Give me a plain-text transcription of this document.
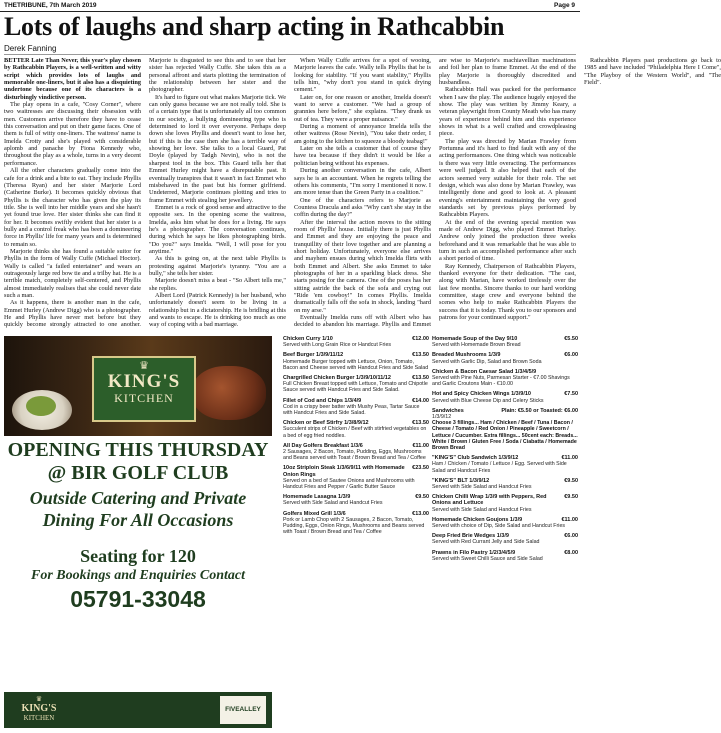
THETRIBUNE, 7th March 2019	Page 9
Lots of laughs and sharp acting in Rathcabbin
Derek Fanning

BETTER Late Than Never, this year's play chosen by Rathcabbin Players, is a well-written and witty script which provides lots of laughs and memorable one-liners, but it also has a disquieting undertone because one of its characters is a disturbingly vindictive person.

The play opens in a cafe, "Cosy Corner", where two waitresses are discussing their obsession with men. Customers arrive therefore they have to cease this conversation and put on their game faces. One of them is full of witty one-liners. The waitress' name is Imelda Crotty and she's played with considerable aplomb and panache by Fiona Kennedy who, throughout the play as a whole, turns in a very decent performance.

All the other characters gradually come into the cafe for a drink and a bite to eat. They include Phyllis (Theresa Ryan) and her sister Marjorie Lord (Catherine Burke). It becomes quickly obvious that Phyllis is the character who has given the play its title. She is well into her middle years and she hasn't yet found true love. Her sister thinks she can find it for her. It becomes swiftly evident that her sister is a bully and a control freak who has been a domineering force in Phyllis' life for many years and is determined to remain so.

Marjorie thinks she has found a suitable suitor for Phyllis in the form of Wally Cuffe (Michael Hoctor). Wally is called "a failed entertainer" and wears an outrageously large red bow tie and a trilby hat. He is a terrible match, completely self-centered, and Phyllis almost immediately realises that she could never date such a man.

As it happens, there is another man in the cafe, Emmet Hurley (Andrew Digg) who is a photographer. He and Phyllis have never met before but they quickly become strongly attracted to one another. Marjorie is disgusted to see this and to see that her sister has rejected Wally Cuffe. She takes this as a personal affront and starts plotting the termination of the relationship between her sister and the photographer.

It's hard to figure out what makes Marjorie tick. We can only guess because we are not really told. She is of a certain type that is unfortunately all too common in our society, a bullying domineering type who is determined to lord it over everyone. Perhaps deep down she loves Phyllis and doesn't want to lose her, but if this is the case then she has a terrible way of showing her love. She talks to a local Guard, Pat Doyle (played by Tadgh Nevin), who is not the sharpest tool in the box. This Guard tells her that Emmet Hurley might have a disreputable past. It eventually transpires that it wasn't in fact Emmet who misbehaved in the past but his former girlfriend. Undeterred, Marjorie continues plotting and tries to frame Emmet with stealing her jewellery.

Emmet is a rock of good sense and attractive to the opposite sex. In the opening scene the waitress, Imelda, asks him what he does for a living. He says he's a photographer. The conversation continues, during which he says he likes photographing birds. "Do you?" says Imelda. "Well, I will pose for you anytime."

As this is going on, at the next table Phyllis is protesting against Marjorie's tyranny. "You are a bully," she tells her sister.

Marjorie doesn't miss a beat - "So Albert tells me," she replies.

Albert Lord (Patrick Kennedy) is her husband, who unfortunately doesn't seem to be living in a relationship but in a dictatorship. He is bridling at this and wants to escape. He is drinking too much as one way of coping with a bad marriage.

When Wally Cuffe arrives for a spot of wooing, Marjorie leaves the cafe. Wally tells Phyllis that he is looking for stability. "If you want stability," Phyllis tells him, "why don't you stand in quick drying cement."

Later on, for one reason or another, Imelda doesn't want to serve a customer. "We had a group of grannies here before," she explains. "They drank us out of tea. They were a proper nuisance."

During a moment of annoyance Imelda tells the other waitress (Rose Nevin), "You take their order, I am going to the kitchen to squeeze a bloody teabag!"

Later on she tells a customer that of course they have tea because if they didn't it would be like a politician being without his expenses.

During another conversation in the cafe, Albert says he is an accountant. When he regrets telling the others his comments, "I'm sorry I mentioned it now. I am more tense than the Green Party in a coalition."

One of the characters refers to Marjorie as Countess Dracula and asks "Why can't she stay in the coffin during the day?"

After the interval the action moves to the sitting room of Phyllis' house. Initially there is just Phyllis and Emmet and they are enjoying the peace and tranquillity of their love together and are planning a short holiday. Unfortunately, everyone else arrives and mayhem ensues during which Imelda flirts with both Emmet and Albert. She asks Emmet to take photographs of her in a sparkling black dress. She starts posing for the camera. One of the poses has her sitting astride the back of the sofa and crying out "Ride 'em cowboy!" In comes Phyllis. Imelda dramatically falls off the sofa in shock, landing "hard on my arse."

Eventually Imelda runs off with Albert who has decided to abandon his marriage. Phyllis and Emmet are wise to Marjorie's machiavellian machinations and foil her plan to frame Emmet. At the end of the play Marjorie is thoroughly discredited and husbandless.

Rathcabbin Hall was packed for the performance when I saw the play. The audience hugely enjoyed the show. The play was written by Jimmy Keary, a veteran playwright from County Meath who has many years of experience behind him and this experience shows in what is a well crafted and crowdpleasing piece.

The play was directed by Marian Frawley from Portumna and it's hard to find fault with any of the acting performances. One thing which was noticeable is there was very little overacting. The performances were well judged. It also helped that each of the actors seemed very suitable for their role. The set design, which was also done by Marian Frawley, was intelligently done and good to look at. A pleasant evening's entertainment maintaining the very good standards set by previous plays performed by Rathcabbin Players.

At the end of the evening special mention was made of Andrew Digg, who played Emmet Hurley. Andrew only joined the production three weeks beforehand and it was remarkable that he was able to turn in such an accomplished performance after such a short period of time.

Ray Kennedy, Chairperson of Rathcabbin Players, thanked everyone for their dedication. "The cast, along with Marian, have worked tirelessly over the last few months. Sincere thanks to our hard working committee, stage crew and everyone behind the scenes who help to make Rathcabbin Players the success that it is today. Thank you to our sponsors and patrons for your continued support."

Rathcabbin Players past productions go back to 1985 and have included "Philadelphia Here I Come", "The Playboy of the Western World", and "The Field".

♛
KING'S
KITCHEN
OPENING THIS THURSDAY
@ BIR GOLF CLUB
Outside Catering and Private
Dining For All Occasions
Seating for 120
For Bookings and Enquiries Contact
05791-33048
♛
KING'S
KITCHEN
FIVEALLEY
Chicken Curry 1/10	€12.00
Served with Long Grain Rice or Handcut Fries
Beef Burger 1/3/9/11/12	€13.50
Homemade Burger topped with Lettuce, Onion, Tomato, Bacon and Cheese served with Handcut Fries and Side Salad
Chargrilled Chicken Burger 1/3/9/10/11/12	€13.50
Full Chicken Breast topped with Lettuce, Tomato and Chipotle Sauce served with Handcut Fries and Side Salad.
Fillet of Cod and Chips 1/3/4/9	€14.00
Cod in a crispy beer batter with Mushy Peas, Tartar Sauce with Handcut Fries and Side Salad.
Chicken or Beef Stirfry 1/3/8/9/12	€13.50
Succulent strips of Chicken / Beef with stirfried vegetables on a bed of egg fried noddles.
All Day Golfers Breakfast 1/3/6	€11.00
2 Sausages, 2 Bacon, Tomato, Pudding, Eggs, Mushrooms and Beans served with Toast / Brown Bread and Tea / Coffee
10oz Striploin Steak 1/3/6/9/11 with Homemade Onion Rings
€23.50
Served on a bed of Sautee Onions and Mushrooms with Handcut Fries and Pepper / Garlic Butter Sauce
Homemade Lasagna 1/3/9	€9.50
Served with Side Salad and Handcut Fries
Golfers Mixed Grill 1/3/6	€13.00
Pork or Lamb Chop with 2 Sausages, 2 Bacon, Tomato, Pudding, Eggs, Onion Rings, Mushrooms and Beans served with Toast / Brown Bread and Tea / Coffee
Homemade Soup of the Day 9/10	€5.50
Served with Homemade Brown Bread
Breaded Mushrooms 1/3/9	€6.00
Served with Garlic Dip, Salad and Brown Soda
Chicken & Bacon Caesar Salad 1/3/4/5/9
Served with Pine Nuts, Parmesan Starter - €7.00 Shavings and Garlic Croutons Main - €10.00
Hot and Spicy Chicken Wings 1/3/9/10	€7.50
Served with Blue Cheese Dip and Celery Sticks
Sandwiches	Plain: €5.50 or Toasted: €6.00
1/3/9/12
Choose 3 fillings... Ham / Chicken / Beef / Tuna / Bacon / Cheese / Tomato / Red Onion / Pineapple / Sweetcorn / Lettuce / Cucumber. Extra fillings... 50cent each: Breads... White / Brown / Gluten Free / Soda / Ciabatta / Homemade Brown Bread
"KING'S" Club Sandwich 1/3/9/12	€11.00
Ham / Chicken / Tomato / Lettuce / Egg. Served with Side Salad and Handcut Fries
"KING'S" BLT 1/3/9/12	€9.50
Served with Side Salad and Handcut Fries
Chicken Chilli Wrap 1/3/9 with Peppers, Red Onions and Lettuce
€9.50
Served with Side Salad and Handcut Fries
Homemade Chicken Goujons 1/3/9	€11.00
Served with choice of Dip, Side Salad and Handcut Fries
Deep Fried Brie Wedges 1/3/9	€6.00
Served with Red Currant Jelly and Side Salad
Prawns in Filo Pastry 1/2/3/4/5/9	€8.00
Served with Sweet Chilli Sauce and Side Salad
